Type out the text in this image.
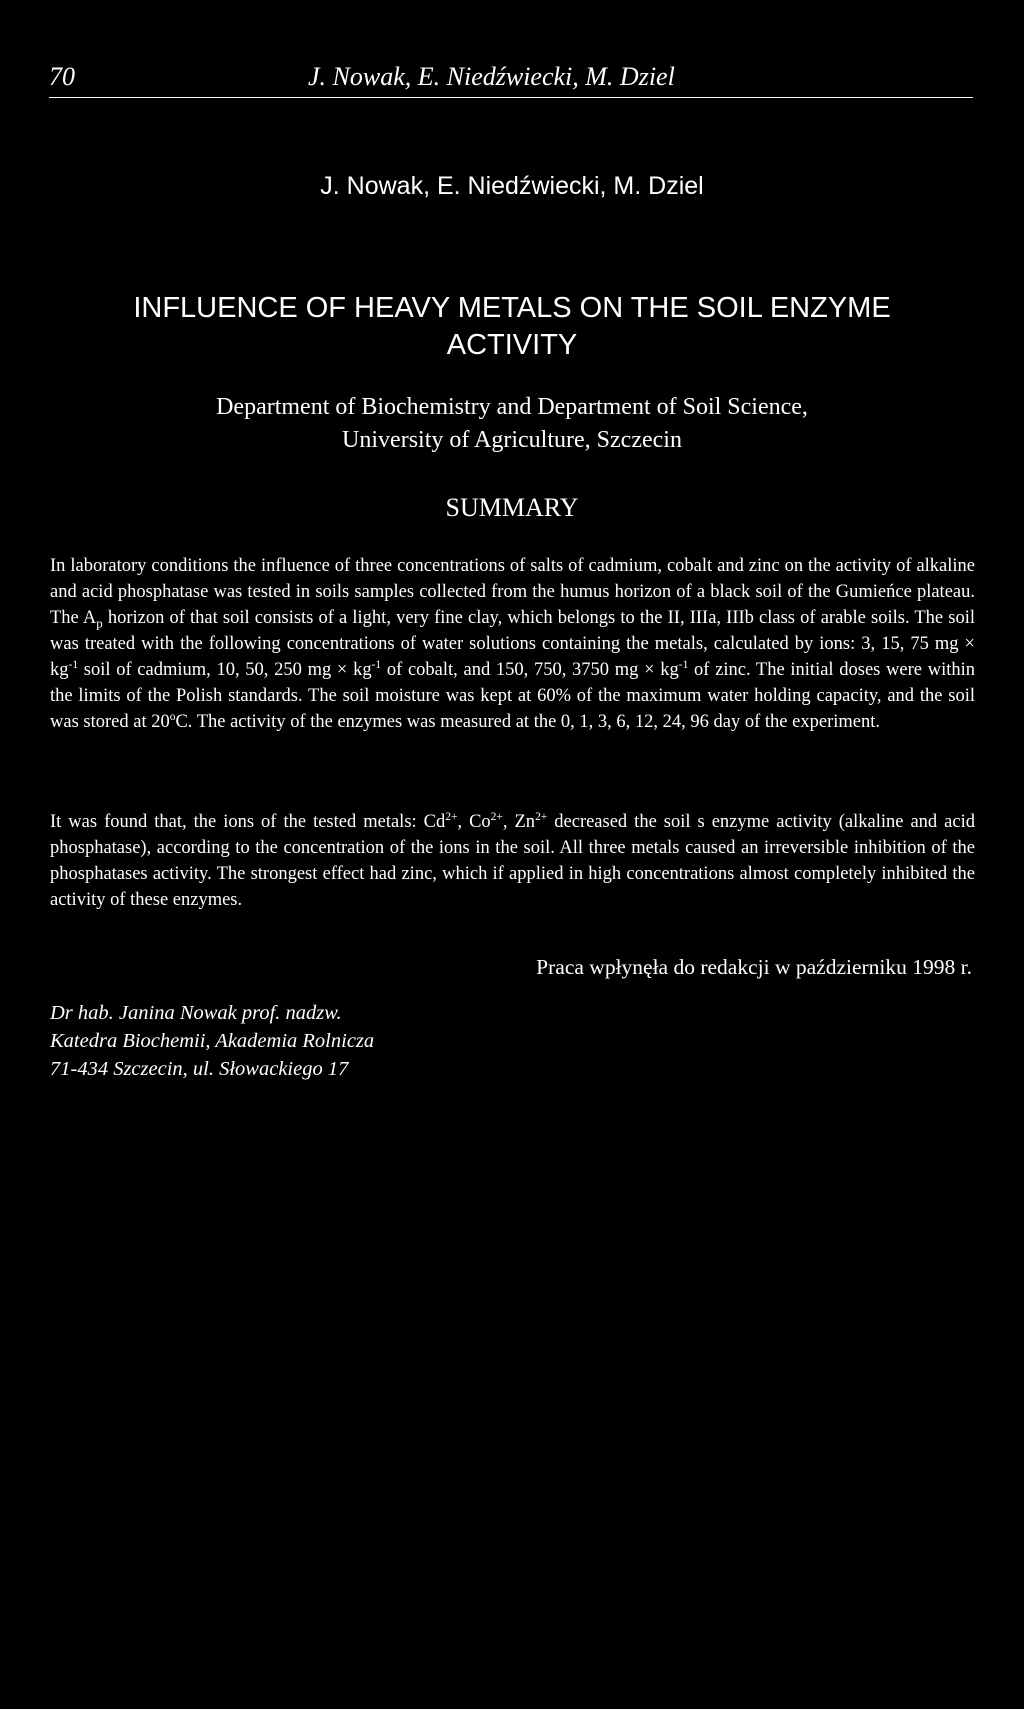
70	J. Nowak, E. Niedźwiecki, M. Dziel
J. Nowak, E. Niedźwiecki, M. Dziel
INFLUENCE OF HEAVY METALS ON THE SOIL ENZYME
ACTIVITY
Department of Biochemistry and Department of Soil Science,
University of Agriculture, Szczecin
SUMMARY

In laboratory conditions the influence of three concentrations of salts of cadmium, cobalt and zinc on the activity of alkaline and acid phosphatase was tested in soils samples collected from the humus horizon of a black soil of the Gumieńce plateau. The $A_p$ horizon of that soil consists of a light, very fine clay, which belongs to the II, IIIa, IIIb class of arable soils. The soil was treated with the following concentrations of water solutions containing the metals, calculated by ions: 3, 15, 75 mg × $kg^{-1}$ soil of cadmium, 10, 50, 250 mg × $kg^{-1}$ of cobalt, and 150, 750, 3750 mg × $kg^{-1}$ of zinc. The initial doses were within the limits of the Polish standards. The soil moisture was kept at 60% of the maximum water holding capacity, and the soil was stored at 20$^o$C. The activity of the enzymes was measured at the 0, 1, 3, 6, 12, 24, 96 day of the experiment.

It was found that, the ions of the tested metals: $Cd^{2+}$, $Co^{2+}$, $Zn^{2+}$ decreased the soil s enzyme activity (alkaline and acid phosphatase), according to the concentration of the ions in the soil. All three metals caused an irreversible inhibition of the phosphatases activity. The strongest effect had zinc, which if applied in high concentrations almost completely inhibited the activity of these enzymes.

Praca wpłynęła do redakcji w październiku 1998 r.
Dr hab. Janina Nowak prof. nadzw.
Katedra Biochemii, Akademia Rolnicza
71-434 Szczecin, ul. Słowackiego 17
